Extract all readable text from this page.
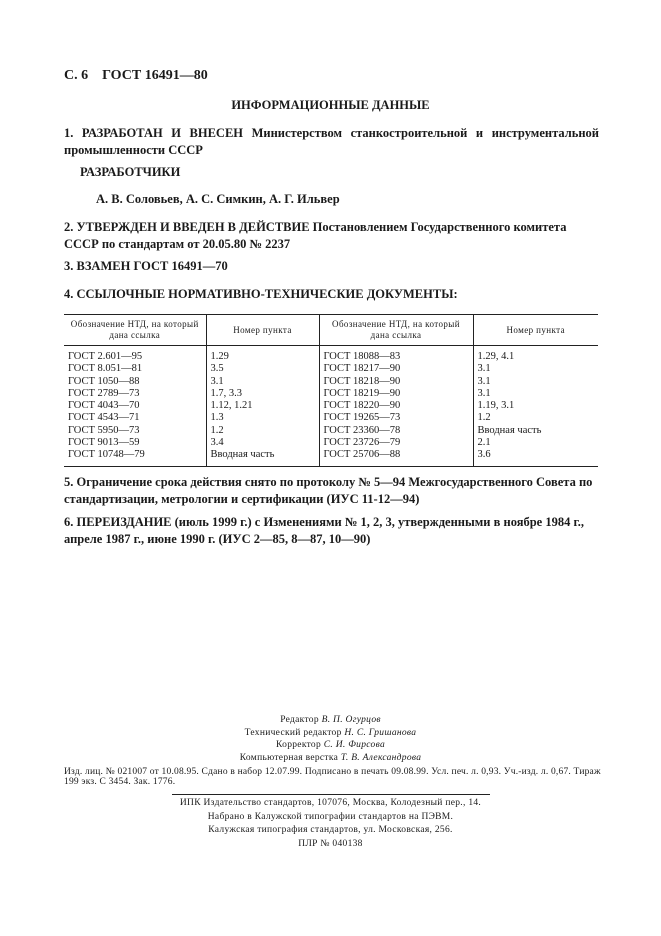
С. 6 ГОСТ 16491—80
ИНФОРМАЦИОННЫЕ ДАННЫЕ
1. РАЗРАБОТАН И ВНЕСЕН Министерством станкостроительной и инструментальной промышленности СССР
РАЗРАБОТЧИКИ
А. В. Соловьев, А. С. Симкин, А. Г. Ильвер
2. УТВЕРЖДЕН И ВВЕДЕН В ДЕЙСТВИЕ Постановлением Государственного комитета СССР по стандартам от 20.05.80 № 2237
3. ВЗАМЕН ГОСТ 16491—70
4. ССЫЛОЧНЫЕ НОРМАТИВНО-ТЕХНИЧЕСКИЕ ДОКУМЕНТЫ:
Обозначение НТД, на который дана ссылка	Номер пункта	Обозначение НТД, на который дана ссылка	Номер пункта

ГОСТ 2.601—95	1.29	ГОСТ 18088—83	1.29, 4.1
ГОСТ 8.051—81	3.5	ГОСТ 18217—90	3.1
ГОСТ 1050—88	3.1	ГОСТ 18218—90	3.1
ГОСТ 2789—73	1.7, 3.3	ГОСТ 18219—90	3.1
ГОСТ 4043—70	1.12, 1.21	ГОСТ 18220—90	1.19, 3.1
ГОСТ 4543—71	1.3	ГОСТ 19265—73	1.2
ГОСТ 5950—73	1.2	ГОСТ 23360—78	Вводная часть
ГОСТ 9013—59	3.4	ГОСТ 23726—79	2.1
ГОСТ 10748—79	Вводная часть	ГОСТ 25706—88	3.6

5. Ограничение срока действия снято по протоколу № 5—94 Межгосударственного Совета по стандартизации, метрологии и сертификации (ИУС 11-12—94)
6. ПЕРЕИЗДАНИЕ (июль 1999 г.) с Изменениями № 1, 2, 3, утвержденными в ноябре 1984 г., апреле 1987 г., июне 1990 г. (ИУС 2—85, 8—87, 10—90)
Редактор В. П. Огурцов
Технический редактор Н. С. Гришанова
Корректор С. И. Фирсова
Компьютерная верстка Т. В. Александрова
Изд. лиц. № 021007 от 10.08.95. Сдано в набор 12.07.99. Подписано в печать 09.08.99. Усл. печ. л. 0,93. Уч.-изд. л. 0,67. Тираж 199 экз. С 3454. Зак. 1776.
ИПК Издательство стандартов, 107076, Москва, Колодезный пер., 14.
Набрано в Калужской типографии стандартов на ПЭВМ.
Калужская типография стандартов, ул. Московская, 256.
ПЛР № 040138
